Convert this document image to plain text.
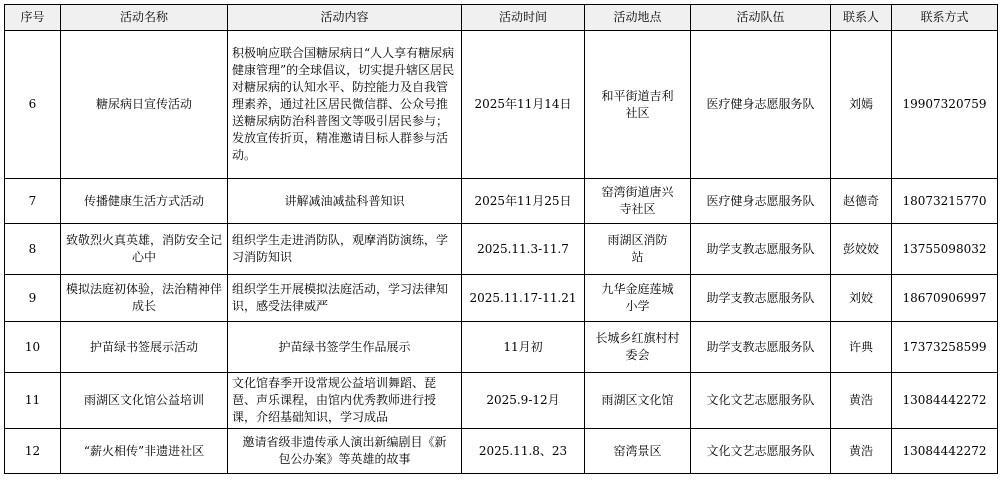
序号	活动名称	活动内容	活动时间	活动地点	活动队伍	联系人	联系方式
6	糖尿病日宣传活动	积极响应联合国糖尿病日“人人享有糖尿病健康管理”的全球倡议，切实提升辖区居民对糖尿病的认知水平、防控能力及自我管理素养，通过社区居民微信群、公众号推送糖尿病防治科普图文等吸引居民参与；发放宣传折页，精准邀请目标人群参与活动。	2025年11月14日	和平街道吉利社区	医疗健身志愿服务队	刘嫣	19907320759
7	传播健康生活方式活动	讲解减油减盐科普知识	2025年11月25日	窑湾街道唐兴寺社区	医疗健身志愿服务队	赵德奇	18073215770
8	致敬烈火真英雄，消防安全记心中	组织学生走进消防队，观摩消防演练，学习消防知识	2025.11.3-11.7	雨湖区消防站	助学支教志愿服务队	彭姣姣	13755098032
9	模拟法庭初体验，法治精神伴成长	组织学生开展模拟法庭活动，学习法律知识，感受法律威严	2025.11.17-11.21	九华金庭莲城小学	助学支教志愿服务队	刘姣	18670906997
10	护苗绿书签展示活动	护苗绿书签学生作品展示	11月初	长城乡红旗村村委会	助学支教志愿服务队	许典	17373258599
11	雨湖区文化馆公益培训	文化馆春季开设常规公益培训舞蹈、琵琶、声乐课程，由馆内优秀教师进行授课，介绍基础知识，学习成品	2025.9-12月	雨湖区文化馆	文化文艺志愿服务队	黄浩	13084442272
12	“薪火相传”非遗进社区	邀请省级非遗传承人演出新编剧目《新包公办案》等英雄的故事	2025.11.8、23	窑湾景区	文化文艺志愿服务队	黄浩	13084442272
